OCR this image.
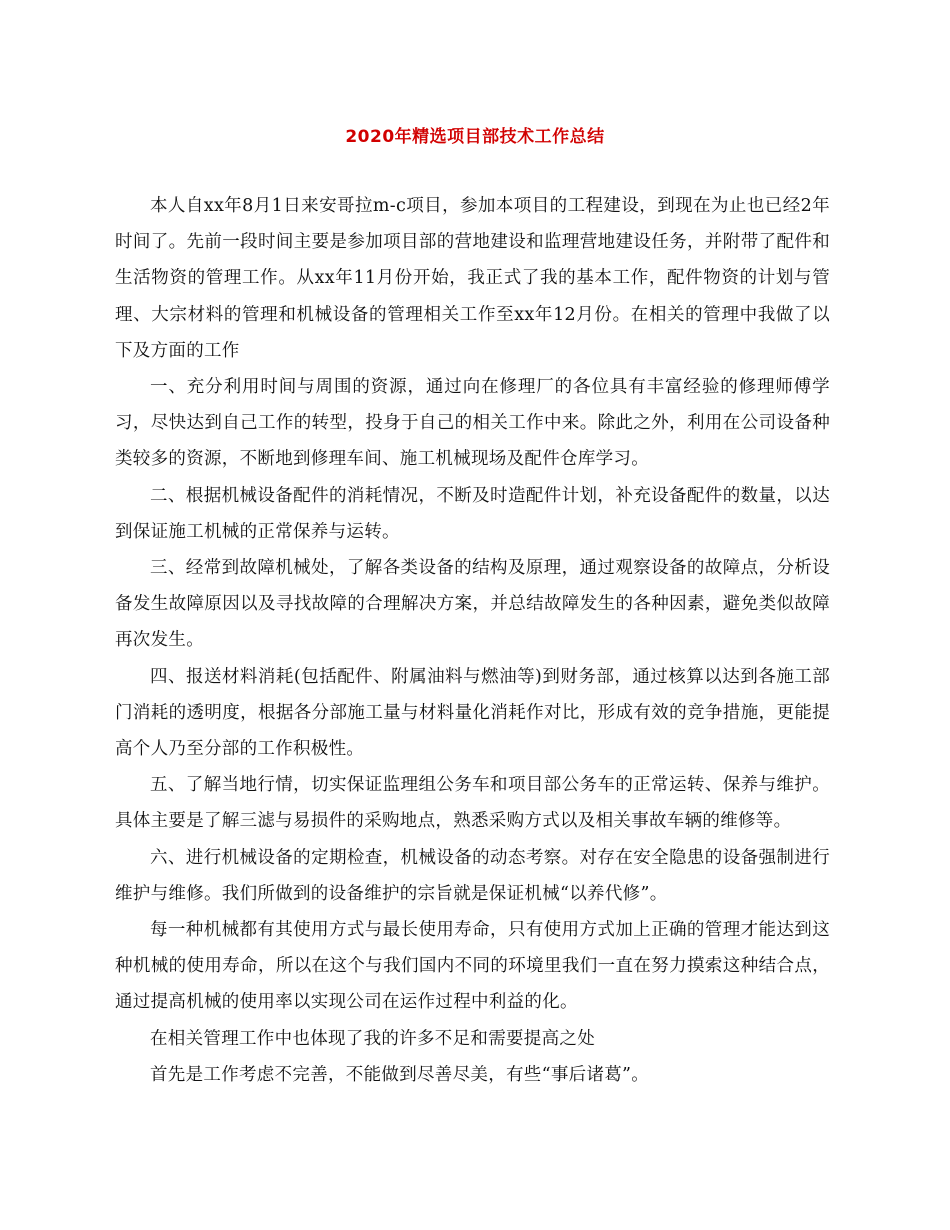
2020年精选项目部技术工作总结

本人自xx年8月1日来安哥拉m-c项目，参加本项目的工程建设，到现在为止也已经2年时间了。先前一段时间主要是参加项目部的营地建设和监理营地建设任务，并附带了配件和生活物资的管理工作。从xx年11月份开始，我正式了我的基本工作，配件物资的计划与管理、大宗材料的管理和机械设备的管理相关工作至xx年12月份。在相关的管理中我做了以下及方面的工作

一、充分利用时间与周围的资源，通过向在修理厂的各位具有丰富经验的修理师傅学习，尽快达到自己工作的转型，投身于自己的相关工作中来。除此之外，利用在公司设备种类较多的资源，不断地到修理车间、施工机械现场及配件仓库学习。

二、根据机械设备配件的消耗情况，不断及时造配件计划，补充设备配件的数量，以达到保证施工机械的正常保养与运转。

三、经常到故障机械处，了解各类设备的结构及原理，通过观察设备的故障点，分析设备发生故障原因以及寻找故障的合理解决方案，并总结故障发生的各种因素，避免类似故障再次发生。

四、报送材料消耗(包括配件、附属油料与燃油等)到财务部，通过核算以达到各施工部门消耗的透明度，根据各分部施工量与材料量化消耗作对比，形成有效的竞争措施，更能提高个人乃至分部的工作积极性。

五、了解当地行情，切实保证监理组公务车和项目部公务车的正常运转、保养与维护。具体主要是了解三滤与易损件的采购地点，熟悉采购方式以及相关事故车辆的维修等。

六、进行机械设备的定期检查，机械设备的动态考察。对存在安全隐患的设备强制进行维护与维修。我们所做到的设备维护的宗旨就是保证机械“以养代修”。

每一种机械都有其使用方式与最长使用寿命，只有使用方式加上正确的管理才能达到这种机械的使用寿命，所以在这个与我们国内不同的环境里我们一直在努力摸索这种结合点，通过提高机械的使用率以实现公司在运作过程中利益的化。

在相关管理工作中也体现了我的许多不足和需要提高之处

首先是工作考虑不完善，不能做到尽善尽美，有些“事后诸葛”。
